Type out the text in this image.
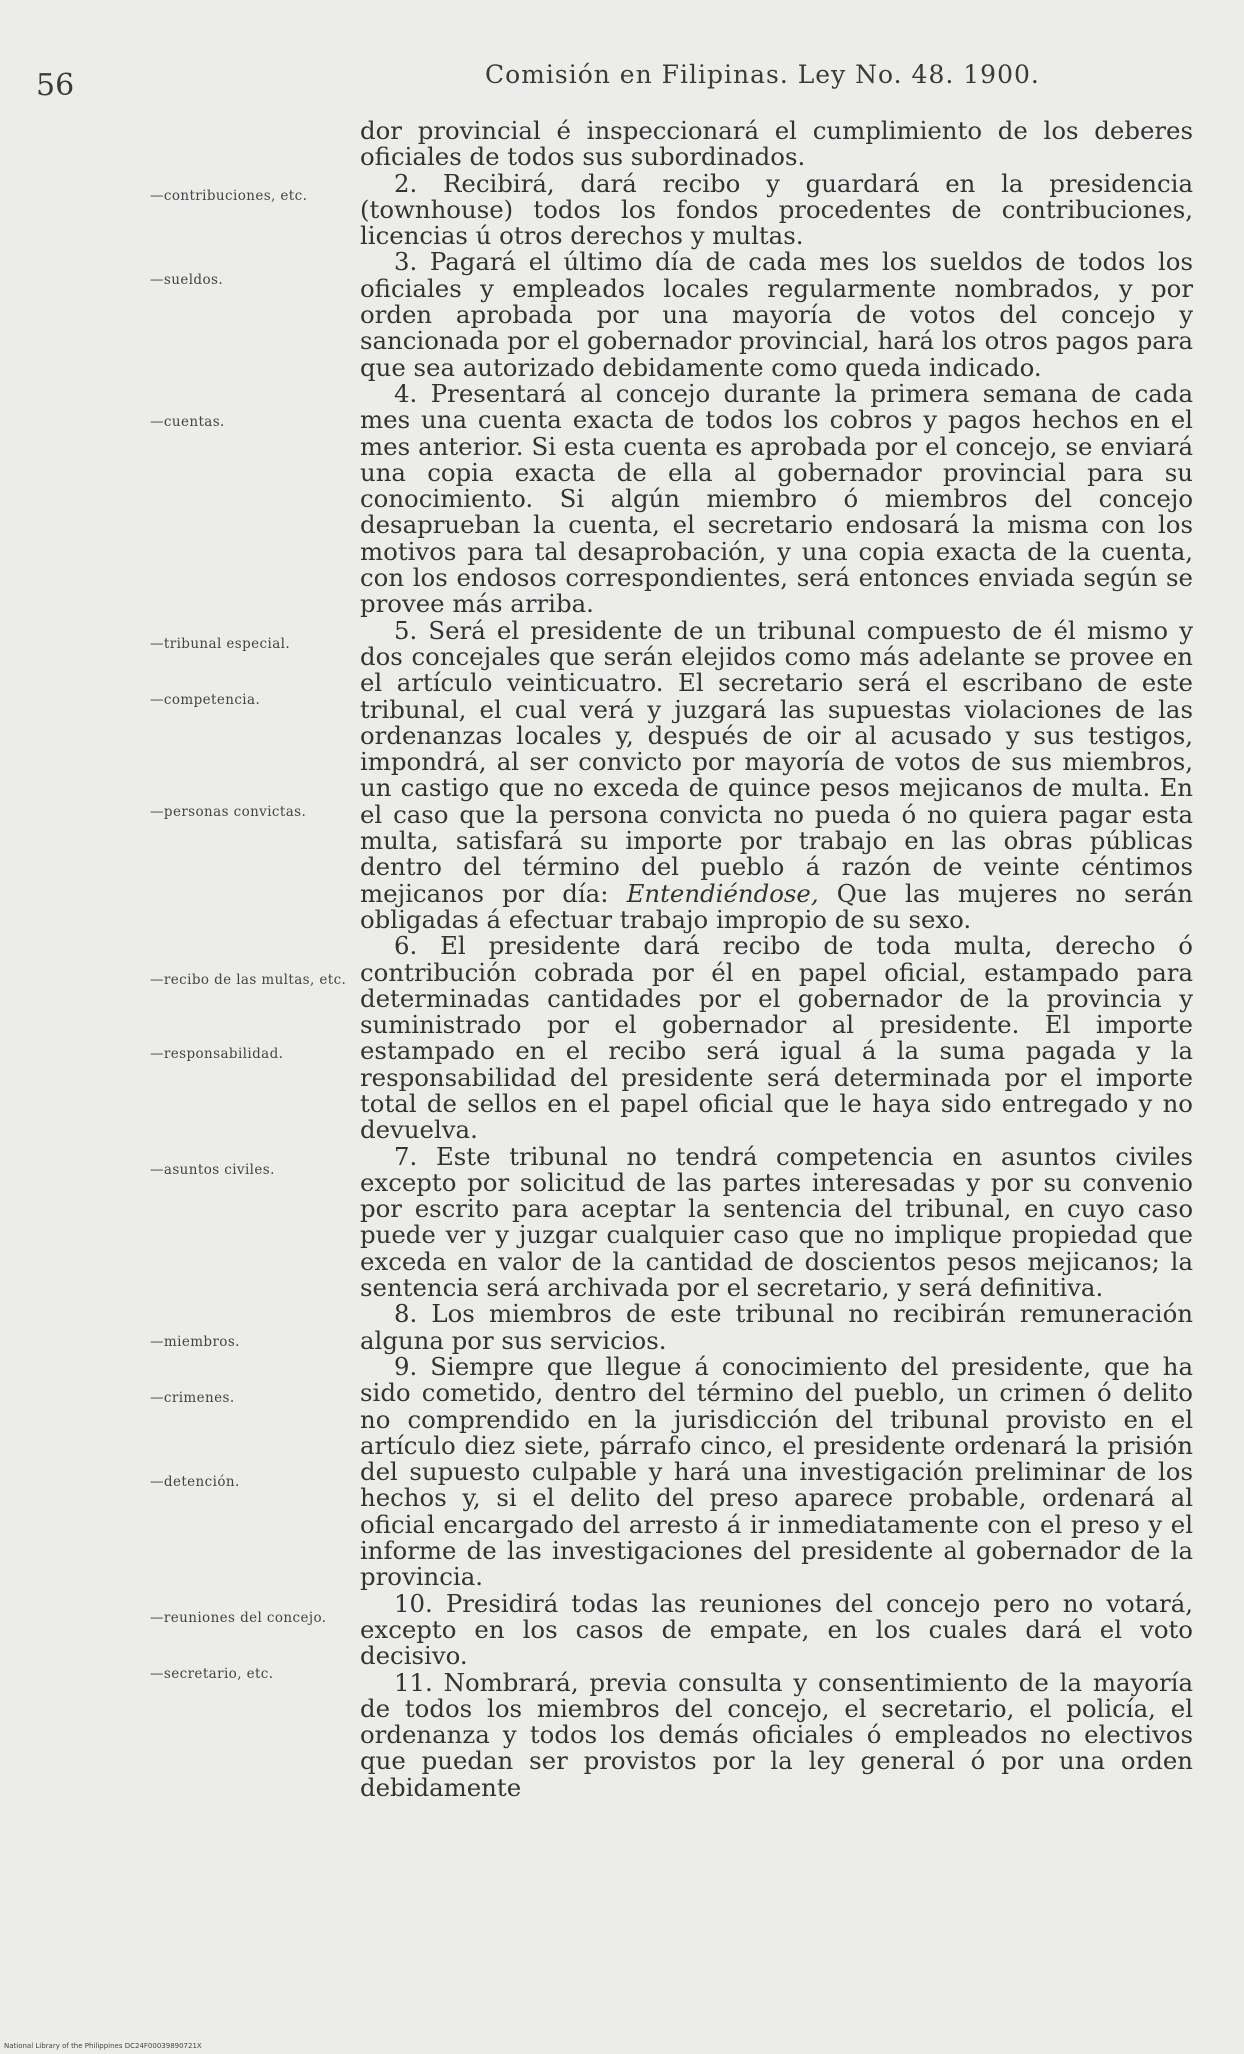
56	Comisión en Filipinas. Ley No. 48. 1900.
—contribuciones, etc.
—sueldos.
—cuentas.
—tribunal especial.
—competencia.
—personas convictas.
—recibo de las multas, etc.
—responsabilidad.
—asuntos civiles.
—miembros.
—crimenes.
—detención.
—reuniones del concejo.
—secretario, etc.

dor provincial é inspeccionará el cumplimiento de los deberes oficiales de todos sus subordinados.

2. Recibirá, dará recibo y guardará en la presidencia (townhouse) todos los fondos procedentes de contribuciones, licencias ú otros derechos y multas.

3. Pagará el último día de cada mes los sueldos de todos los oficiales y empleados locales regularmente nombrados, y por orden aprobada por una mayoría de votos del concejo y sancionada por el gobernador provincial, hará los otros pagos para que sea autorizado debidamente como queda indicado.

4. Presentará al concejo durante la primera semana de cada mes una cuenta exacta de todos los cobros y pagos hechos en el mes anterior. Si esta cuenta es aprobada por el concejo, se enviará una copia exacta de ella al gobernador provincial para su conocimiento. Si algún miembro ó miembros del concejo desaprueban la cuenta, el secretario endosará la misma con los motivos para tal desaprobación, y una copia exacta de la cuenta, con los endosos correspondientes, será entonces enviada según se provee más arriba.

5. Será el presidente de un tribunal compuesto de él mismo y dos concejales que serán elejidos como más adelante se provee en el artículo veinticuatro. El secretario será el escribano de este tribunal, el cual verá y juzgará las supuestas violaciones de las ordenanzas locales y, después de oir al acusado y sus testigos, impondrá, al ser convicto por mayoría de votos de sus miembros, un castigo que no exceda de quince pesos mejicanos de multa. En el caso que la persona convicta no pueda ó no quiera pagar esta multa, satisfará su importe por trabajo en las obras públicas dentro del término del pueblo á razón de veinte céntimos mejicanos por día: Entendiéndose, Que las mujeres no serán obligadas á efectuar trabajo impropio de su sexo.

6. El presidente dará recibo de toda multa, derecho ó contribución cobrada por él en papel oficial, estampado para determinadas cantidades por el gobernador de la provincia y suministrado por el gobernador al presidente. El importe estampado en el recibo será igual á la suma pagada y la responsabilidad del presidente será determinada por el importe total de sellos en el papel oficial que le haya sido entregado y no devuelva.

7. Este tribunal no tendrá competencia en asuntos civiles excepto por solicitud de las partes interesadas y por su convenio por escrito para aceptar la sentencia del tribunal, en cuyo caso puede ver y juzgar cualquier caso que no implique propiedad que exceda en valor de la cantidad de doscientos pesos mejicanos; la sentencia será archivada por el secretario, y será definitiva.

8. Los miembros de este tribunal no recibirán remuneración alguna por sus servicios.

9. Siempre que llegue á conocimiento del presidente, que ha sido cometido, dentro del término del pueblo, un crimen ó delito no comprendido en la jurisdicción del tribunal provisto en el artículo diez siete, párrafo cinco, el presidente ordenará la prisión del supuesto culpable y hará una investigación preliminar de los hechos y, si el delito del preso aparece probable, ordenará al oficial encargado del arresto á ir inmediatamente con el preso y el informe de las investigaciones del presidente al gobernador de la provincia.

10. Presidirá todas las reuniones del concejo pero no votará, excepto en los casos de empate, en los cuales dará el voto decisivo.

11. Nombrará, previa consulta y consentimiento de la mayoría de todos los miembros del concejo, el secretario, el policía, el ordenanza y todos los demás oficiales ó empleados no electivos que puedan ser provistos por la ley general ó por una orden debidamente

National Library of the Philippines DC24F00039890721X
